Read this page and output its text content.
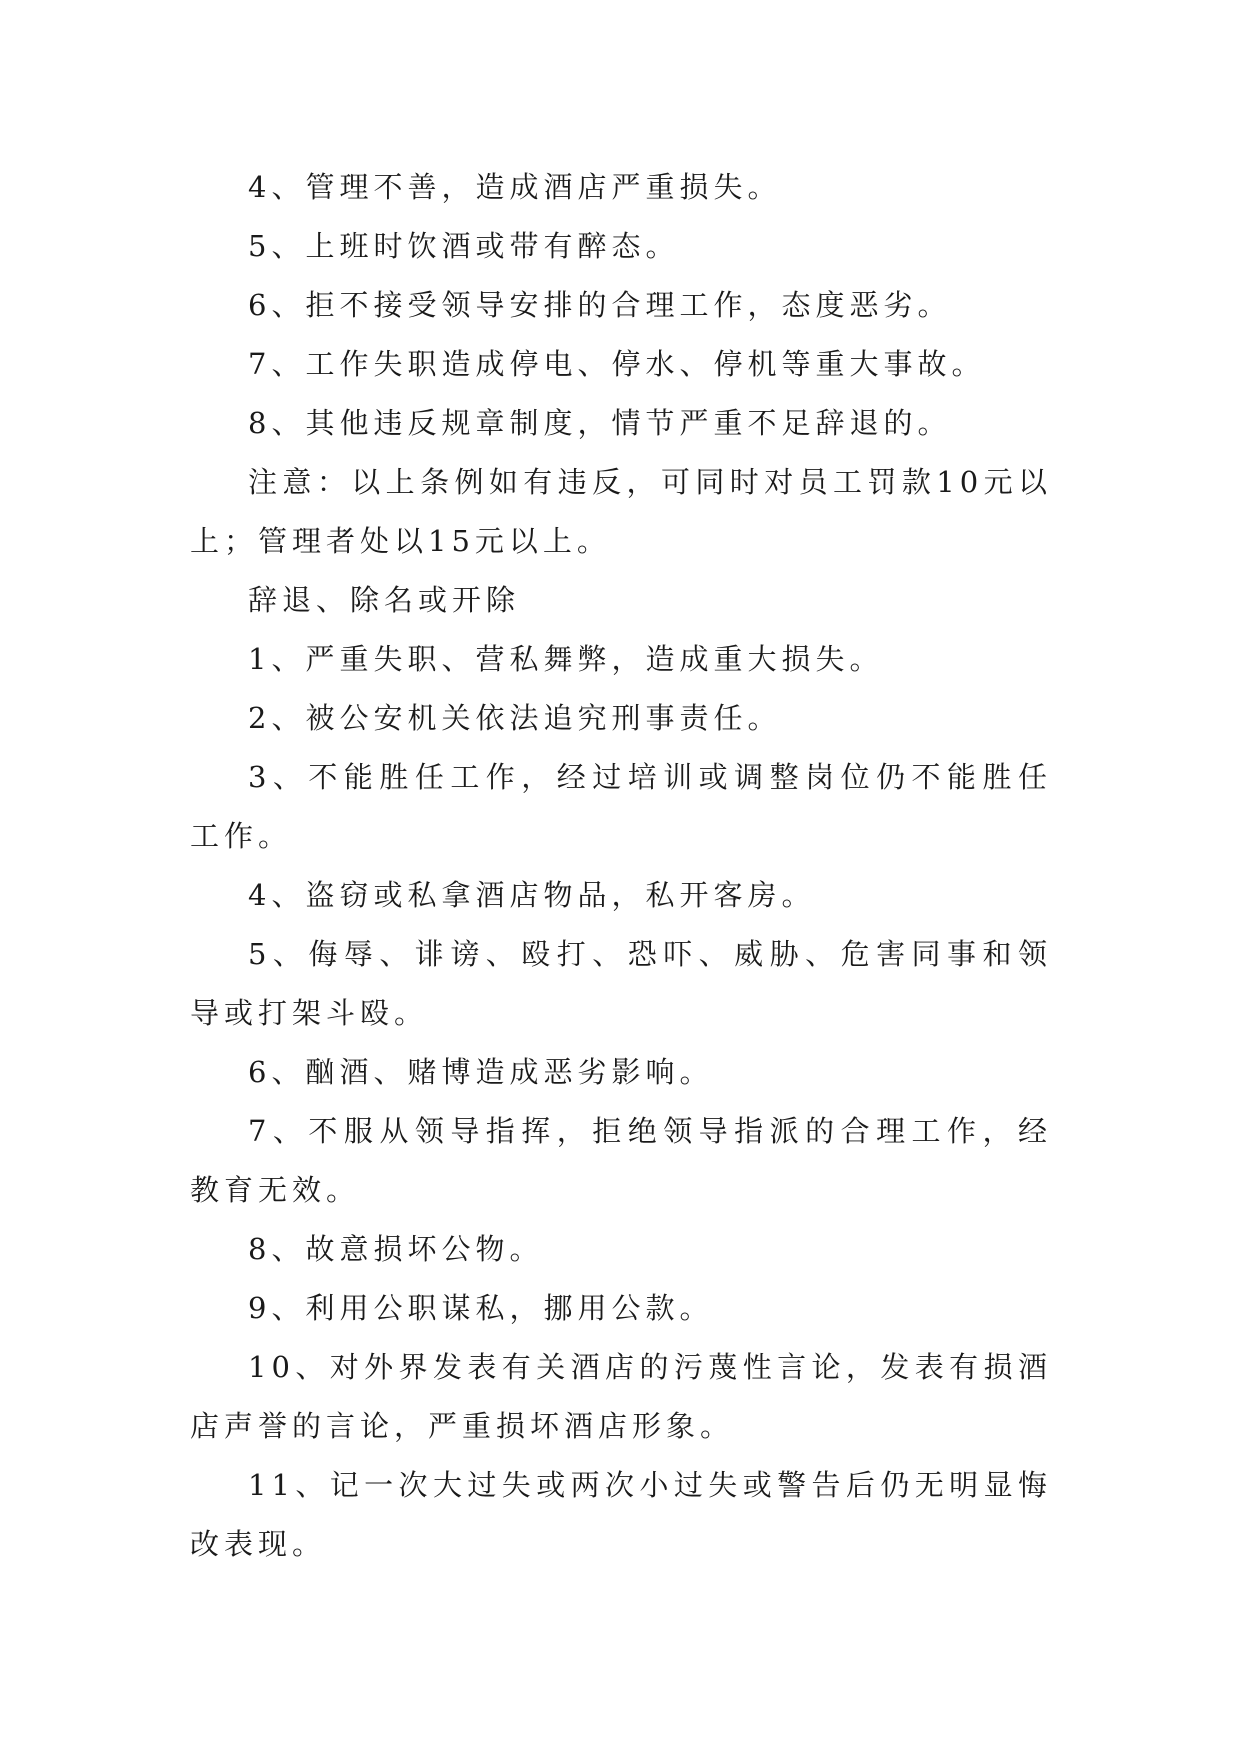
4、管理不善，造成酒店严重损失。

5、上班时饮酒或带有醉态。

6、拒不接受领导安排的合理工作，态度恶劣。

7、工作失职造成停电、停水、停机等重大事故。

8、其他违反规章制度，情节严重不足辞退的。

注意：以上条例如有违反，可同时对员工罚款10元以上；管理者处以15元以上。

辞退、除名或开除

1、严重失职、营私舞弊，造成重大损失。

2、被公安机关依法追究刑事责任。

3、不能胜任工作，经过培训或调整岗位仍不能胜任工作。

4、盗窃或私拿酒店物品，私开客房。

5、侮辱、诽谤、殴打、恐吓、威胁、危害同事和领导或打架斗殴。

6、酗酒、赌博造成恶劣影响。

7、不服从领导指挥，拒绝领导指派的合理工作，经教育无效。

8、故意损坏公物。

9、利用公职谋私，挪用公款。

10、对外界发表有关酒店的污蔑性言论，发表有损酒店声誉的言论，严重损坏酒店形象。

11、记一次大过失或两次小过失或警告后仍无明显悔改表现。
